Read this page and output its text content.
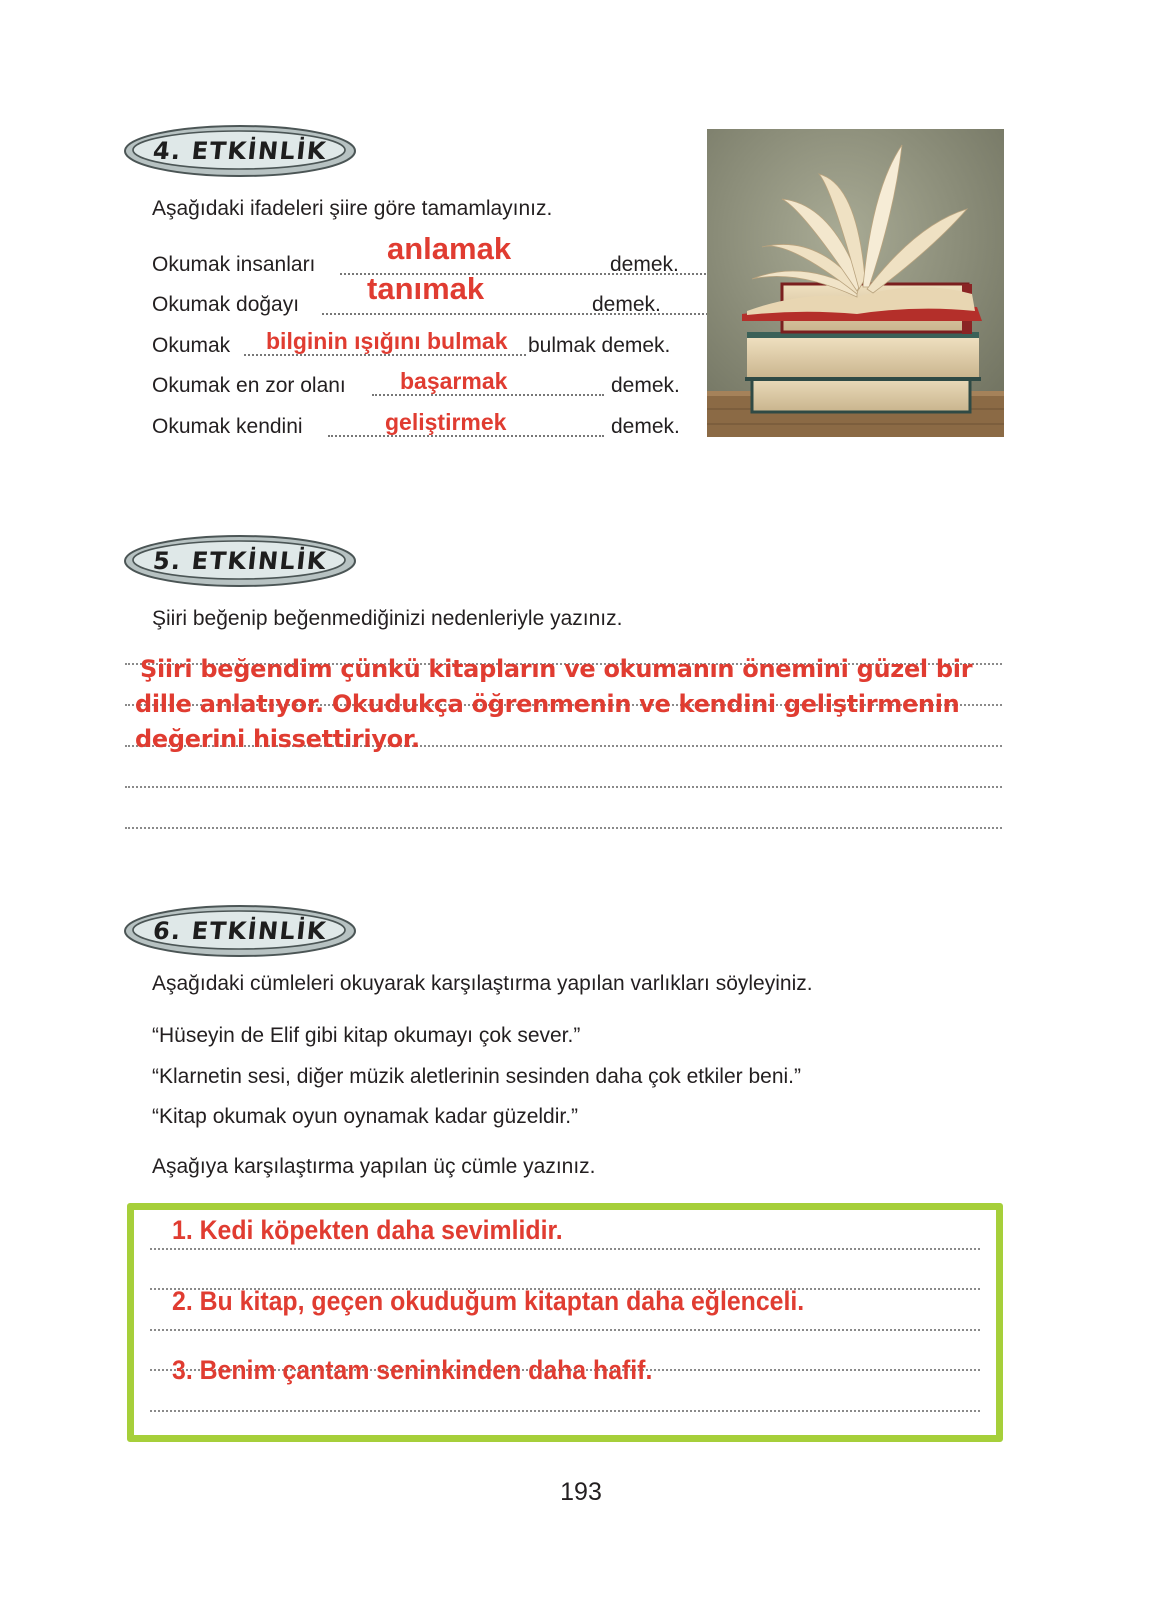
4. ETKİNLİK
Aşağıdaki ifadeleri şiire göre tamamlayınız.
Okumak insanları anlamak	demek.
Okumak doğayı tanımak	demek.
Okumak bilginin ışığını bulmak bulmak demek.
Okumak en zor olanı başarmak	demek.
Okumak kendini	geliştirmek	demek.
5. ETKİNLİK
Şiiri beğenip beğenmediğinizi nedenleriyle yazınız.
Şiiri beğendim çünkü kitapların ve okumanın önemini güzel bir
dille anlatıyor. Okudukça öğrenmenin ve kendini geliştirmenin
değerini hissettiriyor.
6. ETKİNLİK
Aşağıdaki cümleleri okuyarak karşılaştırma yapılan varlıkları söyleyiniz.
“Hüseyin de Elif gibi kitap okumayı çok sever.”
“Klarnetin sesi, diğer müzik aletlerinin sesinden daha çok etkiler beni.”
“Kitap okumak oyun oynamak kadar güzeldir.”
Aşağıya karşılaştırma yapılan üç cümle yazınız.
1. Kedi köpekten daha sevimlidir.
2. Bu kitap, geçen okuduğum kitaptan daha eğlenceli.
3. Benim çantam seninkinden daha hafif.
193
